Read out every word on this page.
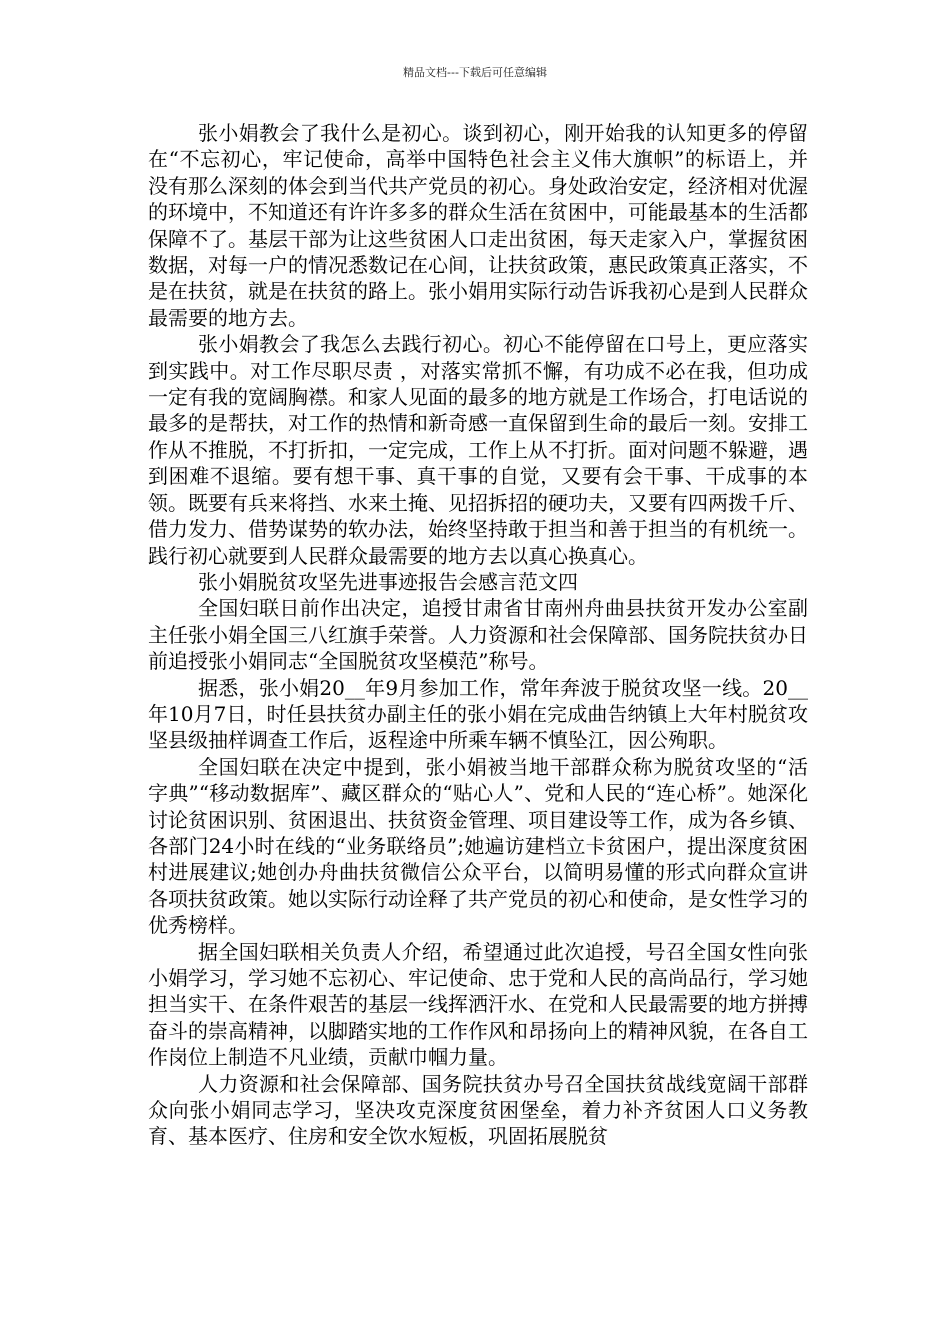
精品文档---下载后可任意编辑

张小娟教会了我什么是初心。谈到初心，刚开始我的认知更多的停留在“不忘初心，牢记使命，高举中国特色社会主义伟大旗帜”的标语上，并没有那么深刻的体会到当代共产党员的初心。身处政治安定，经济相对优渥的环境中，不知道还有许许多多的群众生活在贫困中，可能最基本的生活都保障不了。基层干部为让这些贫困人口走出贫困，每天走家入户，掌握贫困数据，对每一户的情况悉数记在心间，让扶贫政策，惠民政策真正落实，不是在扶贫，就是在扶贫的路上。张小娟用实际行动告诉我初心是到人民群众最需要的地方去。

张小娟教会了我怎么去践行初心。初心不能停留在口号上，更应落实到实践中。对工作尽职尽责 ，对落实常抓不懈，有功成不必在我，但功成一定有我的宽阔胸襟。和家人见面的最多的地方就是工作场合，打电话说的最多的是帮扶，对工作的热情和新奇感一直保留到生命的最后一刻。安排工作从不推脱，不打折扣，一定完成，工作上从不打折。面对问题不躲避，遇到困难不退缩。要有想干事、真干事的自觉，又要有会干事、干成事的本领。既要有兵来将挡、水来土掩、见招拆招的硬功夫，又要有四两拨千斤、借力发力、借势谋势的软办法，始终坚持敢于担当和善于担当的有机统一。 践行初心就要到人民群众最需要的地方去以真心换真心。

张小娟脱贫攻坚先进事迹报告会感言范文四

全国妇联日前作出决定，追授甘肃省甘南州舟曲县扶贫开发办公室副主任张小娟全国三八红旗手荣誉。人力资源和社会保障部、国务院扶贫办日前追授张小娟同志“全国脱贫攻坚模范”称号。

据悉，张小娟20__年9月参加工作，常年奔波于脱贫攻坚一线。20__年10月7日，时任县扶贫办副主任的张小娟在完成曲告纳镇上大年村脱贫攻坚县级抽样调查工作后，返程途中所乘车辆不慎坠江，因公殉职。

全国妇联在决定中提到，张小娟被当地干部群众称为脱贫攻坚的“活字典”“移动数据库”、藏区群众的“贴心人”、党和人民的“连心桥”。她深化讨论贫困识别、贫困退出、扶贫资金管理、项目建设等工作，成为各乡镇、各部门24小时在线的“业务联络员”;她遍访建档立卡贫困户，提出深度贫困村进展建议;她创办舟曲扶贫微信公众平台，以简明易懂的形式向群众宣讲各项扶贫政策。她以实际行动诠释了共产党员的初心和使命，是女性学习的优秀榜样。

据全国妇联相关负责人介绍，希望通过此次追授，号召全国女性向张小娟学习，学习她不忘初心、牢记使命、忠于党和人民的高尚品行，学习她担当实干、在条件艰苦的基层一线挥洒汗水、在党和人民最需要的地方拼搏奋斗的崇高精神，以脚踏实地的工作作风和昂扬向上的精神风貌，在各自工作岗位上制造不凡业绩，贡献巾帼力量。

人力资源和社会保障部、国务院扶贫办号召全国扶贫战线宽阔干部群众向张小娟同志学习，坚决攻克深度贫困堡垒，着力补齐贫困人口义务教育、基本医疗、住房和安全饮水短板，巩固拓展脱贫
